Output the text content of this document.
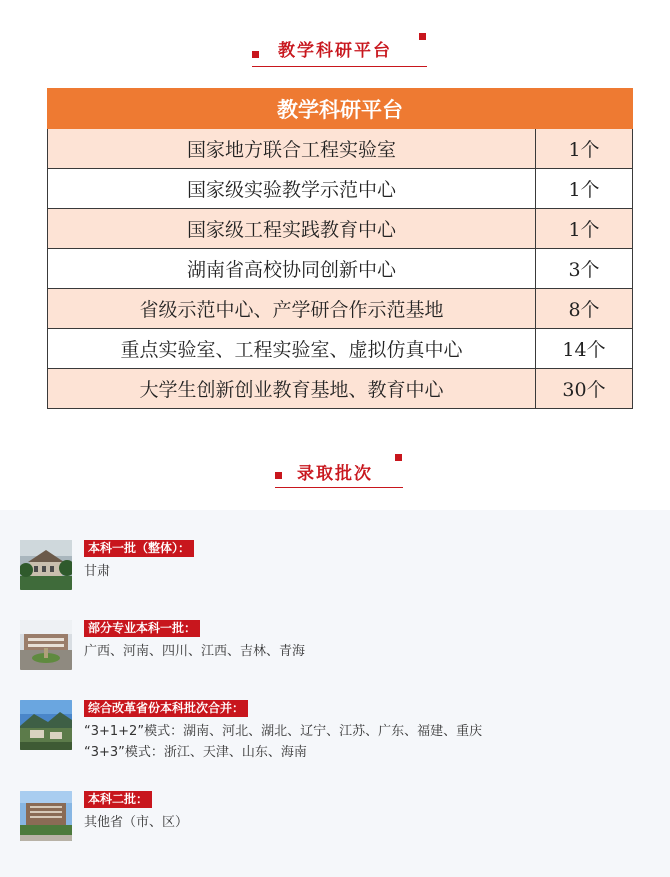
教学科研平台
教学科研平台	
国家地方联合工程实验室	1个
国家级实验教学示范中心	1个
国家级工程实践教育中心	1个
湖南省高校协同创新中心	3个
省级示范中心、产学研合作示范基地	8个
重点实验室、工程实验室、虚拟仿真中心	14个
大学生创新创业教育基地、教育中心	30个
录取批次
本科一批（整体）：
甘肃
部分专业本科一批：
广西、河南、四川、江西、吉林、青海
综合改革省份本科批次合并：
“3+1+2”模式：湖南、河北、湖北、辽宁、江苏、广东、福建、重庆
“3+3”模式：浙江、天津、山东、海南
本科二批：
其他省（市、区）
